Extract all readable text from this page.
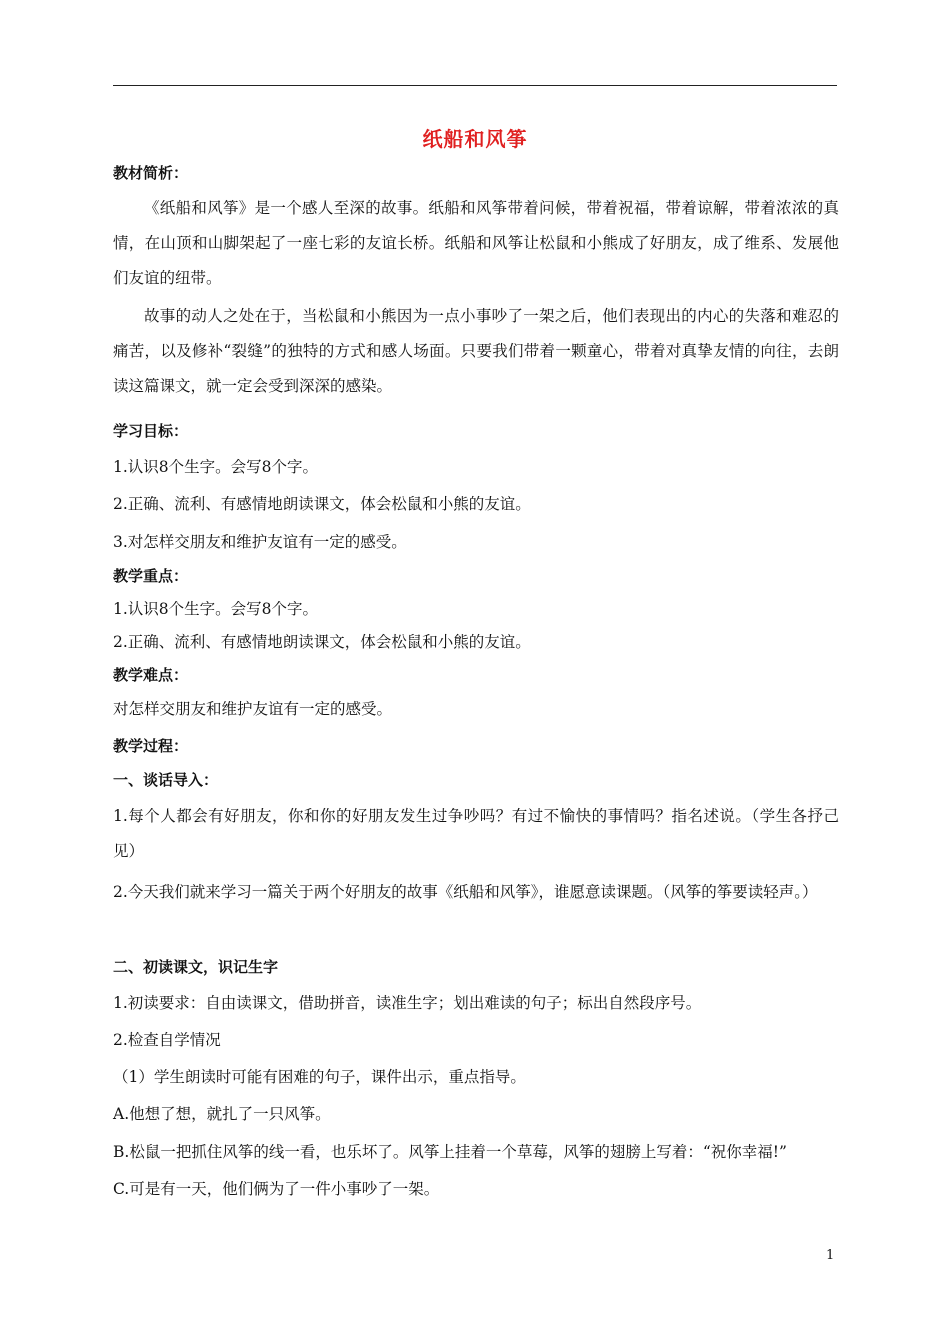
纸船和风筝
教材简析：
《纸船和风筝》是一个感人至深的故事。纸船和风筝带着问候，带着祝福，带着谅解，带着浓浓的真情，在山顶和山脚架起了一座七彩的友谊长桥。纸船和风筝让松鼠和小熊成了好朋友，成了维系、发展他们友谊的纽带。
故事的动人之处在于，当松鼠和小熊因为一点小事吵了一架之后，他们表现出的内心的失落和难忍的痛苦，以及修补“裂缝”的独特的方式和感人场面。只要我们带着一颗童心，带着对真挚友情的向往，去朗读这篇课文，就一定会受到深深的感染。
学习目标：
1.认识8个生字。会写8个字。
2.正确、流利、有感情地朗读课文，体会松鼠和小熊的友谊。
3.对怎样交朋友和维护友谊有一定的感受。
教学重点：
1.认识8个生字。会写8个字。
2.正确、流利、有感情地朗读课文，体会松鼠和小熊的友谊。
教学难点：
对怎样交朋友和维护友谊有一定的感受。
教学过程：
一、谈话导入：
1.每个人都会有好朋友，你和你的好朋友发生过争吵吗？有过不愉快的事情吗？指名述说。（学生各抒己见）
2.今天我们就来学习一篇关于两个好朋友的故事《纸船和风筝》，谁愿意读课题。（风筝的筝要读轻声。）
二、初读课文，识记生字
1.初读要求：自由读课文，借助拼音，读准生字；划出难读的句子；标出自然段序号。
2.检查自学情况
（1）学生朗读时可能有困难的句子，课件出示，重点指导。
A.他想了想，就扎了一只风筝。
B.松鼠一把抓住风筝的线一看，也乐坏了。风筝上挂着一个草莓，风筝的翅膀上写着：“祝你幸福!”
C.可是有一天，他们俩为了一件小事吵了一架。
1
